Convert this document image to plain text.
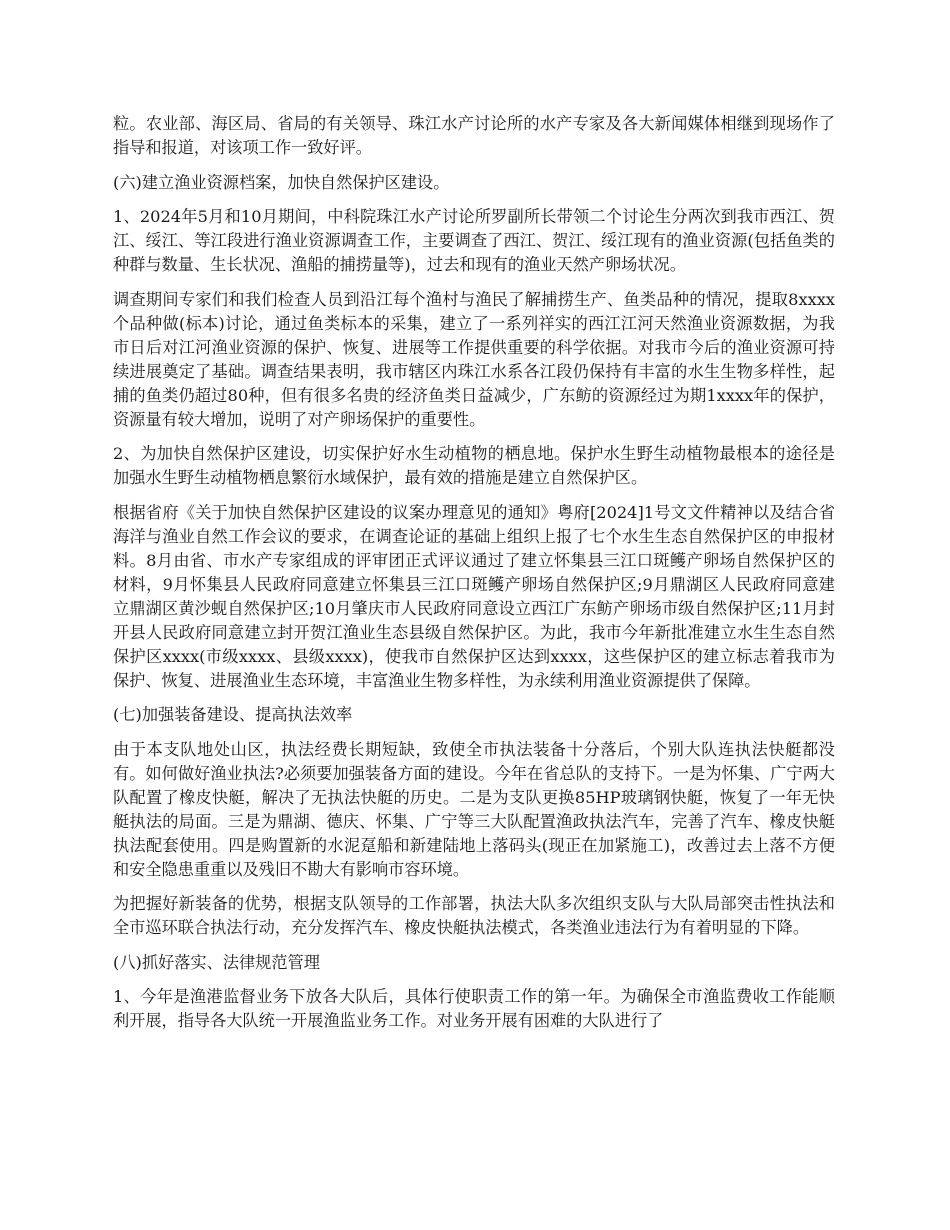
粒。农业部、海区局、省局的有关领导、珠江水产讨论所的水产专家及各大新闻媒体相继到现场作了指导和报道，对该项工作一致好评。

(六)建立渔业资源档案，加快自然保护区建设。

1、2024年5月和10月期间，中科院珠江水产讨论所罗副所长带领二个讨论生分两次到我市西江、贺江、绥江、等江段进行渔业资源调查工作，主要调查了西江、贺江、绥江现有的渔业资源(包括鱼类的种群与数量、生长状况、渔船的捕捞量等)，过去和现有的渔业天然产卵场状况。

调查期间专家们和我们检查人员到沿江每个渔村与渔民了解捕捞生产、鱼类品种的情况，提取8xxxx个品种做(标本)讨论，通过鱼类标本的采集，建立了一系列祥实的西江江河天然渔业资源数据，为我市日后对江河渔业资源的保护、恢复、进展等工作提供重要的科学依据。对我市今后的渔业资源可持续进展奠定了基础。调查结果表明，我市辖区内珠江水系各江段仍保持有丰富的水生生物多样性，起捕的鱼类仍超过80种，但有很多名贵的经济鱼类日益减少，广东鲂的资源经过为期1xxxx年的保护，资源量有较大增加，说明了对产卵场保护的重要性。

2、为加快自然保护区建设，切实保护好水生动植物的栖息地。保护水生野生动植物最根本的途径是加强水生野生动植物栖息繁衍水域保护，最有效的措施是建立自然保护区。

根据省府《关于加快自然保护区建设的议案办理意见的通知》粤府[2024]1号文文件精神以及结合省海洋与渔业自然工作会议的要求，在调查论证的基础上组织上报了七个水生生态自然保护区的申报材料。8月由省、市水产专家组成的评审团正式评议通过了建立怀集县三江口斑鳠产卵场自然保护区的材料，9月怀集县人民政府同意建立怀集县三江口斑鳠产卵场自然保护区;9月鼎湖区人民政府同意建立鼎湖区黄沙蚬自然保护区;10月肇庆市人民政府同意设立西江广东鲂产卵场市级自然保护区;11月封开县人民政府同意建立封开贺江渔业生态县级自然保护区。为此，我市今年新批准建立水生生态自然保护区xxxx(市级xxxx、县级xxxx)，使我市自然保护区达到xxxx，这些保护区的建立标志着我市为保护、恢复、进展渔业生态环境，丰富渔业生物多样性，为永续利用渔业资源提供了保障。

(七)加强装备建设、提高执法效率

由于本支队地处山区，执法经费长期短缺，致使全市执法装备十分落后，个别大队连执法快艇都没有。如何做好渔业执法?必须要加强装备方面的建设。今年在省总队的支持下。一是为怀集、广宁两大队配置了橡皮快艇，解决了无执法快艇的历史。二是为支队更换85HP玻璃钢快艇，恢复了一年无快艇执法的局面。三是为鼎湖、德庆、怀集、广宁等三大队配置渔政执法汽车，完善了汽车、橡皮快艇执法配套使用。四是购置新的水泥趸船和新建陆地上落码头(现正在加紧施工)，改善过去上落不方便和安全隐患重重以及残旧不勘大有影响市容环境。

为把握好新装备的优势，根据支队领导的工作部署，执法大队多次组织支队与大队局部突击性执法和全市巡环联合执法行动，充分发挥汽车、橡皮快艇执法模式，各类渔业违法行为有着明显的下降。

(八)抓好落实、法律规范管理

1、今年是渔港监督业务下放各大队后，具体行使职责工作的第一年。为确保全市渔监费收工作能顺利开展，指导各大队统一开展渔监业务工作。对业务开展有困难的大队进行了
